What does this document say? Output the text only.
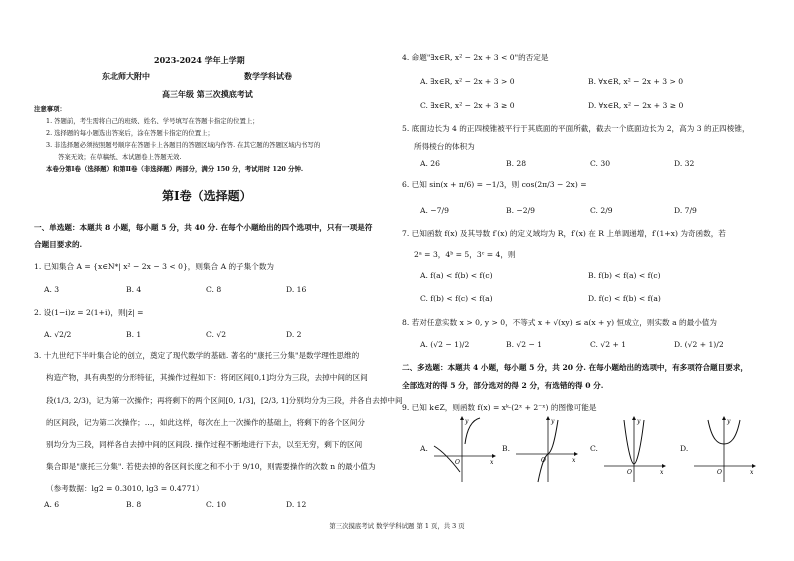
2023-2024 学年上学期
东北师大附中	数学学科试卷
高三年级 第三次摸底考试
注意事项：
1. 答题前，考生需将自己的班级、姓名、学号填写在答题卡指定的位置上；
2. 选择题的每小题选出答案后，涂在答题卡指定的位置上；
3. 非选择题必须按照题号顺序在答题卡上各题目的答题区域内作答. 在其它题的答题区域内书写的
答案无效；在草稿纸、本试题卷上答题无效.
本卷分第Ⅰ卷（选择题）和第Ⅱ卷（非选择题）两部分，满分 150 分，考试用时 120 分钟.
第Ⅰ卷（选择题）
一、单选题：本题共 8 小题，每小题 5 分，共 40 分. 在每个小题给出的四个选项中，只有一项是符
合题目要求的.
1. 已知集合 A = {x∈N*| x² − 2x − 3 < 0}，则集合 A 的子集个数为
A. 3	B. 4	C. 8	D. 16
2. 设(1−i)z = 2(1+i)，则|z̄| =
A. √2/2	B. 1	C. √2	D. 2
3. 十九世纪下半叶集合论的创立，奠定了现代数学的基础. 著名的"康托三分集"是数学理性思维的
构造产物，具有典型的分形特征，其操作过程如下：将闭区间[0,1]均分为三段，去掉中间的区间
段(1/3, 2/3)，记为第一次操作；再将剩下的两个区间[0, 1/3]，[2/3, 1]分别均分为三段，并各自去掉中间
的区间段，记为第二次操作；…，如此这样，每次在上一次操作的基础上，将剩下的各个区间分
别均分为三段，同样各自去掉中间的区间段. 操作过程不断地进行下去，以至无穷，剩下的区间
集合即是"康托三分集". 若使去掉的各区间长度之和不小于 9/10，则需要操作的次数 n 的最小值为
（参考数据：lg2 = 0.3010, lg3 = 0.4771）
A. 6	B. 8	C. 10	D. 12
4. 命题"∃x∈R, x² − 2x + 3 < 0"的否定是
A. ∃x∈R, x² − 2x + 3 > 0	B. ∀x∈R, x² − 2x + 3 > 0
C. ∃x∈R, x² − 2x + 3 ≥ 0	D. ∀x∈R, x² − 2x + 3 ≥ 0
5. 底面边长为 4 的正四棱锥被平行于其底面的平面所截，截去一个底面边长为 2，高为 3 的正四棱锥，
所得棱台的体积为
A. 26	B. 28	C. 30	D. 32
6. 已知 sin(x + π/6) = −1/3，则 cos(2π/3 − 2x) =
A. −7/9	B. −2/9	C. 2/9	D. 7/9
7. 已知函数 f(x) 及其导数 f′(x) 的定义域均为 R，f′(x) 在 R 上单调递增，f′(1+x) 为奇函数，若
2ᵃ = 3，4ᵇ = 5，3ᶜ = 4，则
A. f(a) < f(b) < f(c)	B. f(b) < f(a) < f(c)
C. f(b) < f(c) < f(a)	D. f(c) < f(b) < f(a)
8. 若对任意实数 x > 0, y > 0，不等式 x + √(xy) ≤ a(x + y) 恒成立，则实数 a 的最小值为
A. (√2 − 1)/2	B. √2 − 1	C. √2 + 1	D. (√2 + 1)/2
二、多选题：本题共 4 小题，每小题 5 分，共 20 分. 在每小题给出的选项中，有多项符合题目要求，
全部选对的得 5 分，部分选对的得 2 分，有选错的得 0 分.
9. 已知 k∈Z，则函数 f(x) = xᵏ·(2ˣ + 2⁻ˣ) 的图像可能是
A.	B.	C.	D.
y
x
O
y
x
O
y
x
O
y
x
O
第三次摸底考试 数学学科试题 第 1 页，共 3 页
